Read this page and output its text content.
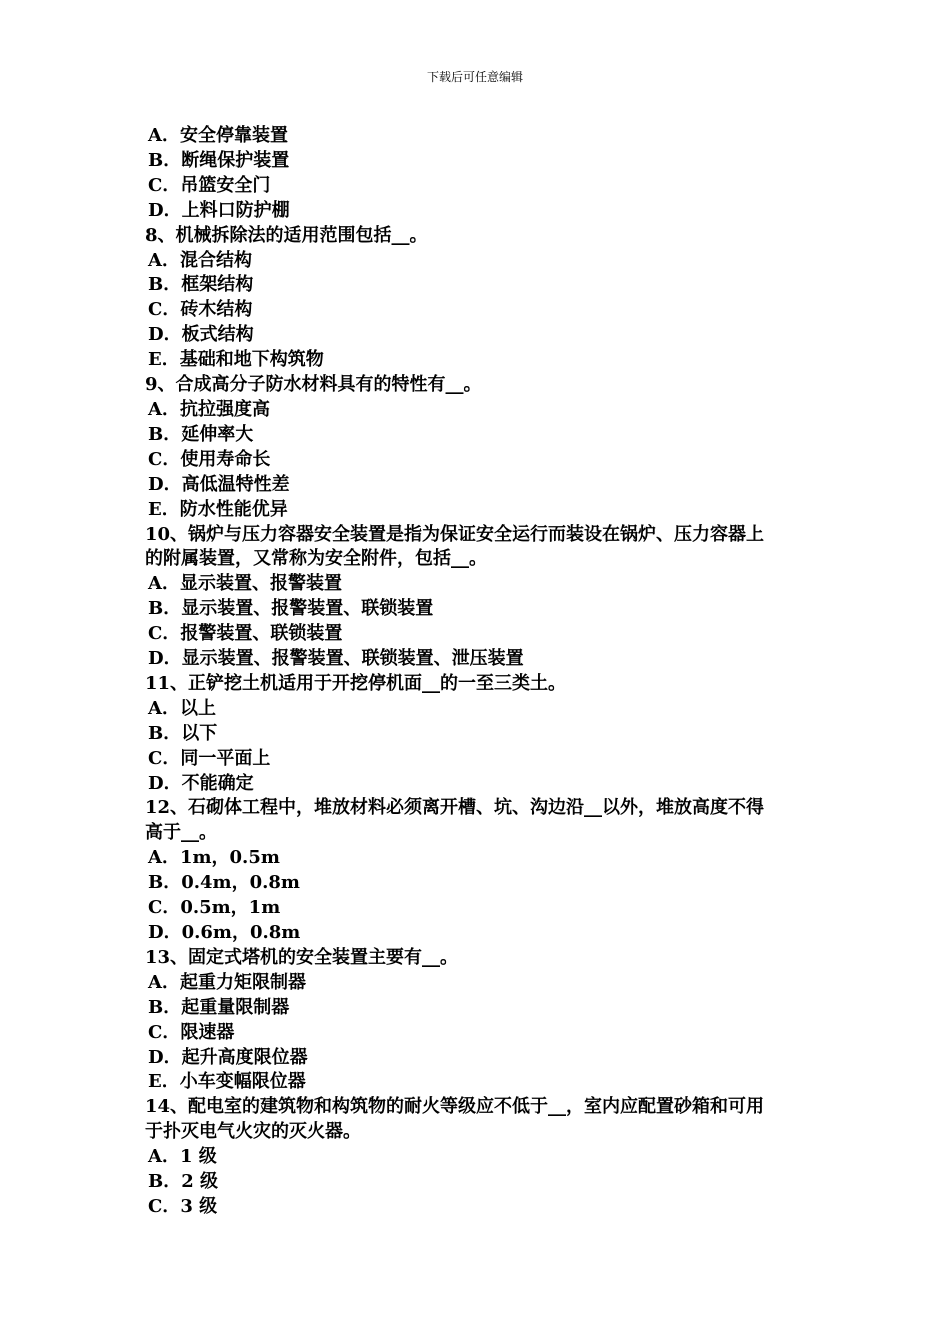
下载后可任意编辑
A．安全停靠装置
B．断绳保护装置
C．吊篮安全门
D．上料口防护棚
8、机械拆除法的适用范围包括__。
A．混合结构
B．框架结构
C．砖木结构
D．板式结构
E．基础和地下构筑物
9、合成高分子防水材料具有的特性有__。
A．抗拉强度高
B．延伸率大
C．使用寿命长
D．高低温特性差
E．防水性能优异
10、锅炉与压力容器安全装置是指为保证安全运行而装设在锅炉、压力容器上
的附属装置，又常称为安全附件，包括__。
A．显示装置、报警装置
B．显示装置、报警装置、联锁装置
C．报警装置、联锁装置
D．显示装置、报警装置、联锁装置、泄压装置
11、正铲挖土机适用于开挖停机面__的一至三类土。
A．以上
B．以下
C．同一平面上
D．不能确定
12、石砌体工程中，堆放材料必须离开槽、坑、沟边沿__以外，堆放高度不得
高于__。
A．1m，0.5m
B．0.4m，0.8m
C．0.5m，1m
D．0.6m，0.8m
13、固定式塔机的安全装置主要有__。
A．起重力矩限制器
B．起重量限制器
C．限速器
D．起升高度限位器
E．小车变幅限位器
14、配电室的建筑物和构筑物的耐火等级应不低于__，室内应配置砂箱和可用
于扑灭电气火灾的灭火器。
A．1 级
B．2 级
C．3 级
